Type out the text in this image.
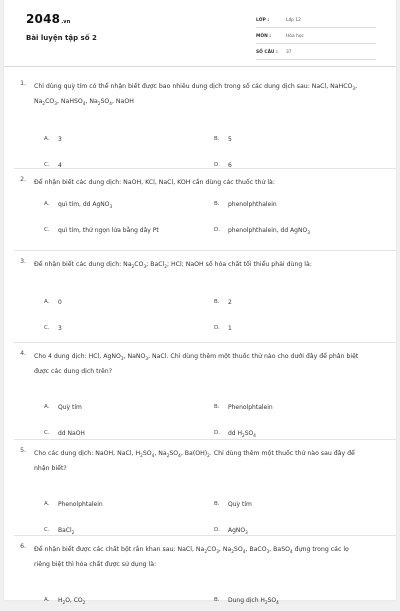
2048.vn
Bài luyện tập số 2
LỚP :	Lớp 12
MÔN :	Hóa học
SỐ CÂU :	37
1.	Chỉ dùng quỳ tím có thể nhận biết được bao nhiêu dung dịch trong số các dung dịch sau: NaCl, NaHCO$_3$, $Na_2CO_3$, NaHSO$_4$, $Na_2SO_4$, NaOH
A.	3	B.	5
C.	4	D.	6
2.	Để nhận biết các dung dịch: NaOH, KCl, NaCl, KOH cần dùng các thuốc thử là:
A.	quì tím, dd AgNO$_3$	B.	phenolphthalein
C.	quì tím, thử ngọn lửa bằng dây Pt	D.	phenolphthalein, dd AgNO$_3$
3.	Để nhận biết các dung dịch: $Na_2CO_3$; BaCl$_2$; HCl; NaOH số hóa chất tối thiểu phải dùng là:
A.	0	B.	2
C.	3	D.	1
4.	Cho 4 dung dịch: HCl, AgNO$_3$, NaNO$_3$, NaCl. Chỉ dùng thêm một thuốc thử nào cho dưới đây để phân biệt được các dung dịch trên?
A.	Quỳ tím	B.	Phenolphtalein
C.	dd NaOH	D.	dd $H_2SO_4$
5.	Cho các dung dịch: NaOH, NaCl, $H_2SO_4$, $Na_2SO_4$, $Ba(OH)_2$. Chỉ dùng thêm một thuốc thử nào sau đây để nhận biết?
A.	Phenolphtalein	B.	Quỳ tím
C.	BaCl$_2$	D.	AgNO$_3$
6.	Để nhận biết được các chất bột rắn khan sau: NaCl, $Na_2CO_3$, $Na_2SO_4$, BaCO$_3$, BaSO$_4$ đựng trong các lọ riêng biệt thì hóa chất được sử dụng là:
A.	$H_2O$, $CO_2$	B.	Dung dịch $H_2SO_4$
